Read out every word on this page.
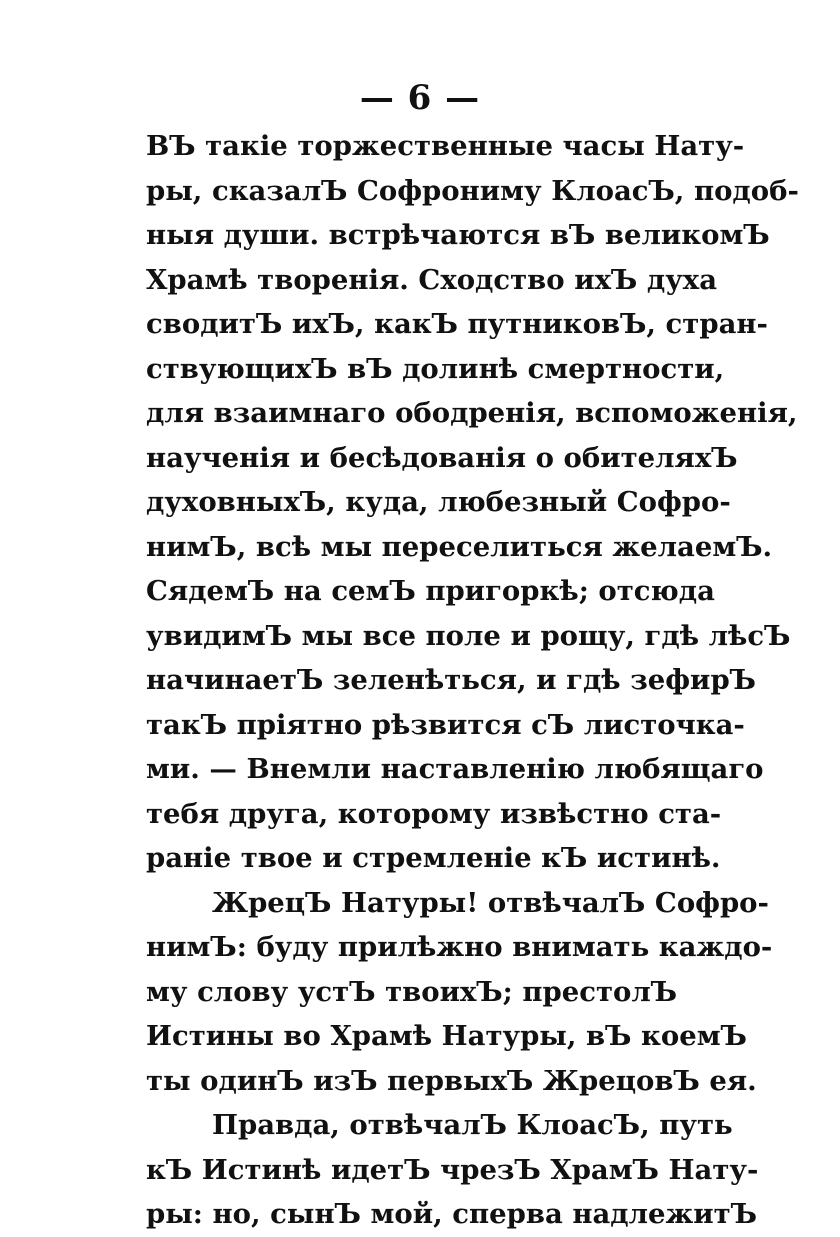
— 6 —
ВЪ такіе торжественные часы Нату-
ры, сказалЪ Софрониму КлоасЪ, подоб-
ныя души. встрѣчаются вЪ великомЪ
Храмѣ творенія. Сходство ихЪ духа
сводитЪ ихЪ, какЪ путниковЪ, стран-
ствующихЪ вЪ долинѣ смертности,
для взаимнаго ободренія, вспоможенія,
наученія и бесѣдованія о обителяхЪ
духовныхЪ, куда, любезный Софро-
нимЪ, всѣ мы переселиться желаемЪ.
СядемЪ на семЪ пригоркѣ; отсюда
увидимЪ мы все поле и рощу, гдѣ лѣсЪ
начинаетЪ зеленѣться, и гдѣ зефирЪ
такЪ пріятно рѣзвится сЪ листочка-
ми. — Внемли наставленію любящаго
тебя друга, которому извѣстно ста-
раніе твое и стремленіе кЪ истинѣ.
ЖрецЪ Натуры! отвѣчалЪ Софро-
нимЪ: буду прилѣжно внимать каждо-
му слову устЪ твоихЪ; престолЪ
Истины во Храмѣ Натуры, вЪ коемЪ
ты одинЪ изЪ первыхЪ ЖрецовЪ ея.
Правда, отвѣчалЪ КлоасЪ, путь
кЪ Истинѣ идетЪ чрезЪ ХрамЪ Нату-
ры: но, сынЪ мой, сперва надлежитЪ
